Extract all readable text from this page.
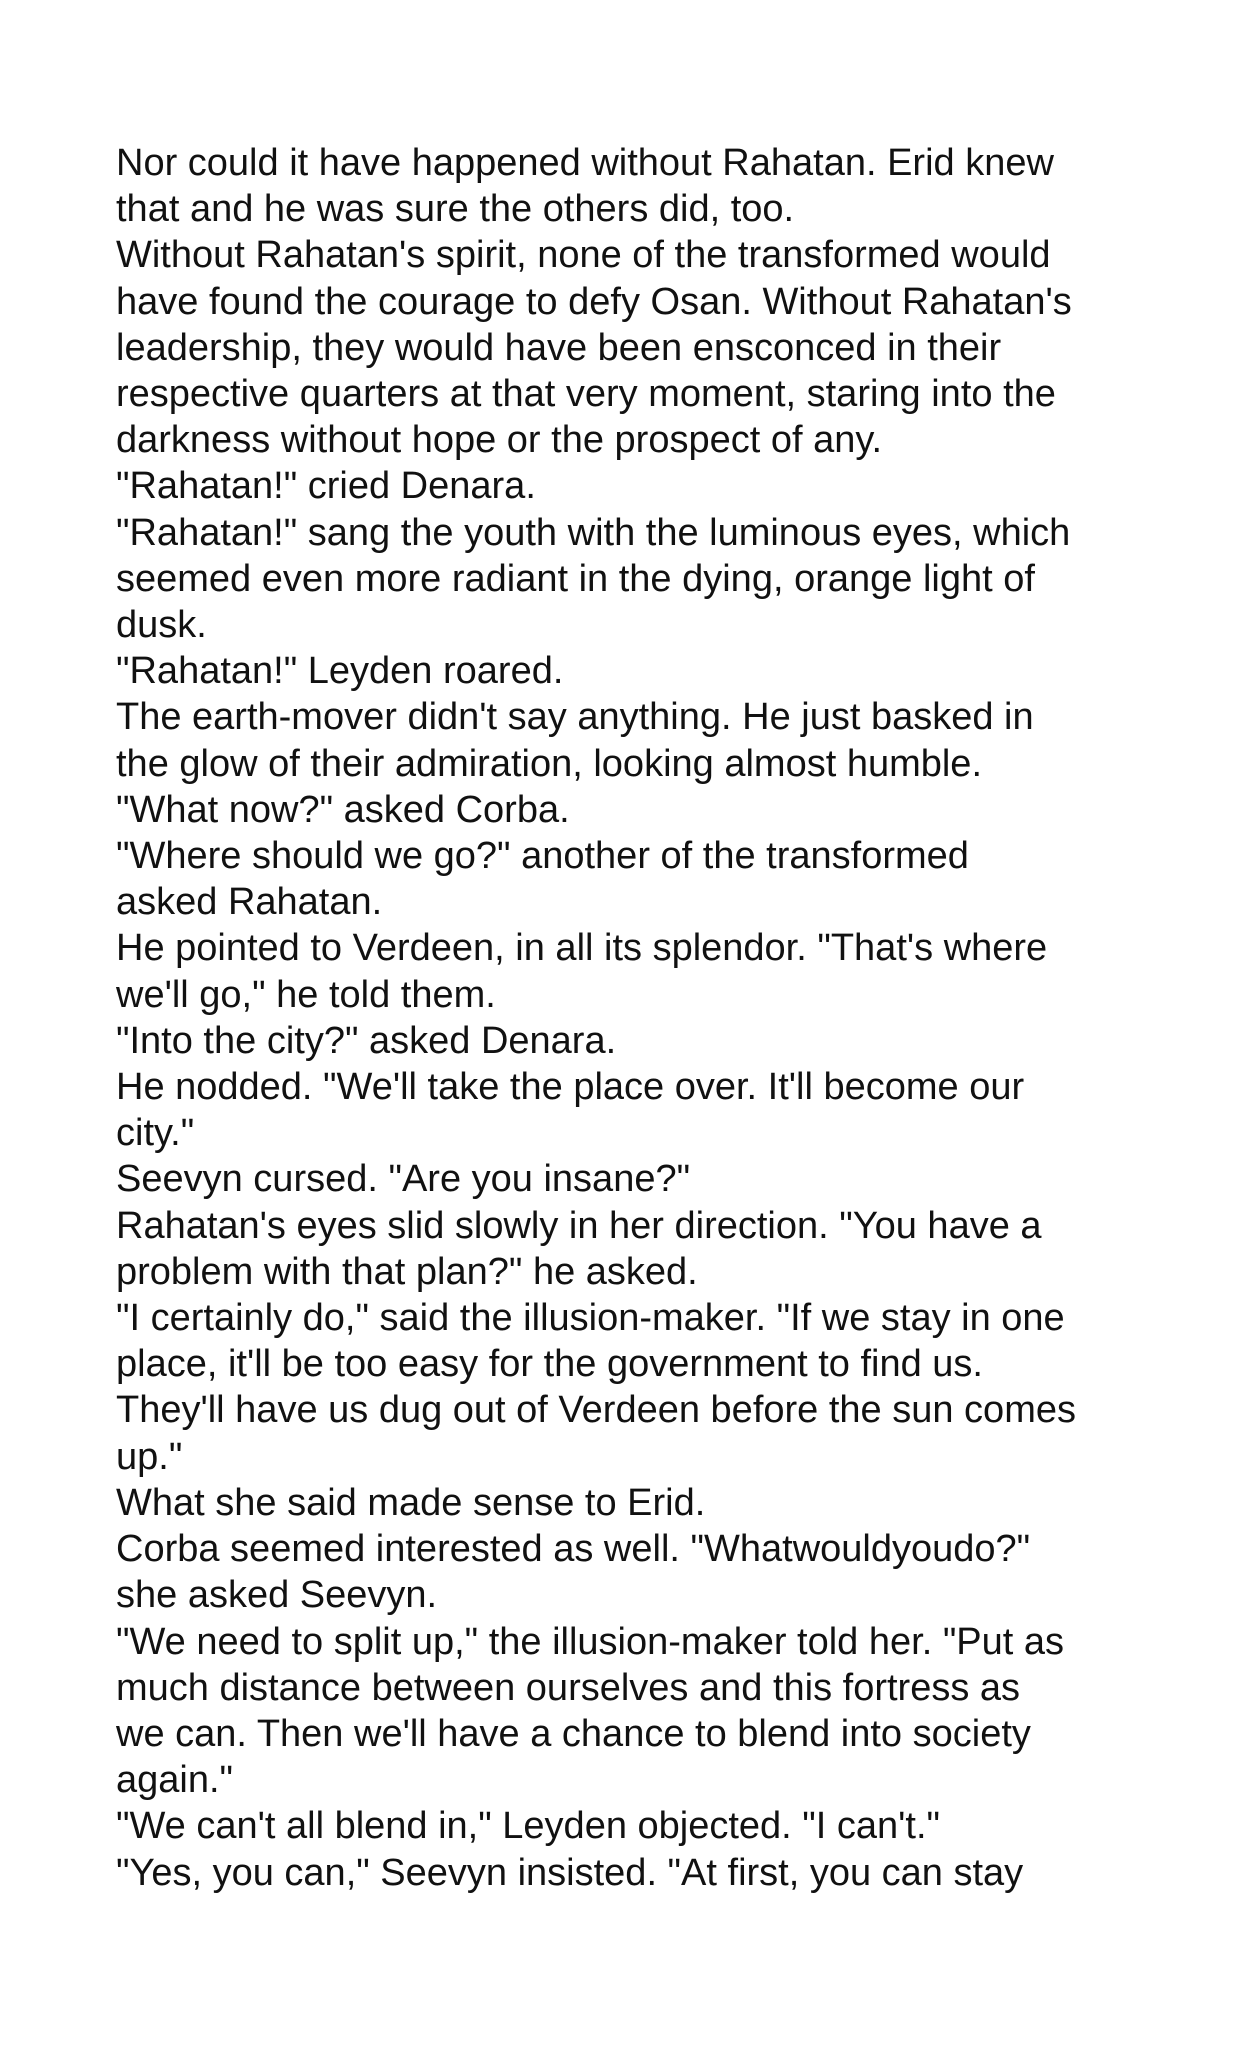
Nor could it have happened without Rahatan. Erid knew
that and he was sure the others did, too.
Without Rahatan's spirit, none of the transformed would
have found the courage to defy Osan. Without Rahatan's
leadership, they would have been ensconced in their
respective quarters at that very moment, staring into the
darkness without hope or the prospect of any.
"Rahatan!" cried Denara.
"Rahatan!" sang the youth with the luminous eyes, which
seemed even more radiant in the dying, orange light of
dusk.
"Rahatan!" Leyden roared.
The earth-mover didn't say anything. He just basked in
the glow of their admiration, looking almost humble.
"What now?" asked Corba.
"Where should we go?" another of the transformed
asked Rahatan.
He pointed to Verdeen, in all its splendor. "That's where
we'll go," he told them.
"Into the city?" asked Denara.
He nodded. "We'll take the place over. It'll become our
city."
Seevyn cursed. "Are you insane?"
Rahatan's eyes slid slowly in her direction. "You have a
problem with that plan?" he asked.
"I certainly do," said the illusion-maker. "If we stay in one
place, it'll be too easy for the government to find us.
They'll have us dug out of Verdeen before the sun comes
up."
What she said made sense to Erid.
Corba seemed interested as well. "Whatwouldyoudo?"
she asked Seevyn.
"We need to split up," the illusion-maker told her. "Put as
much distance between ourselves and this fortress as
we can. Then we'll have a chance to blend into society
again."
"We can't all blend in," Leyden objected. "I can't."
"Yes, you can," Seevyn insisted. "At first, you can stay
